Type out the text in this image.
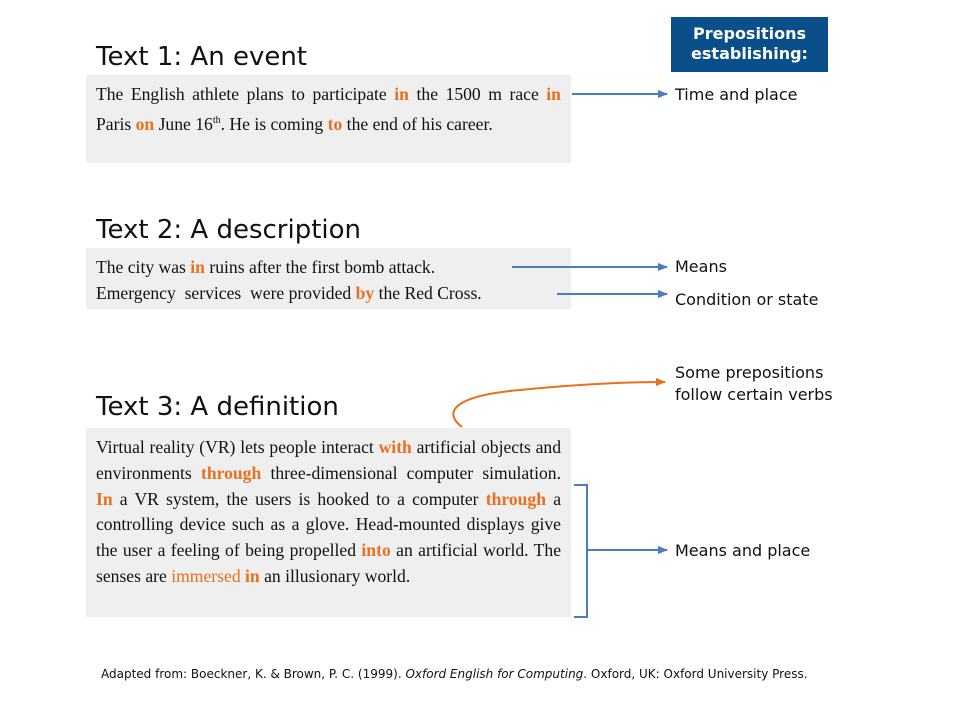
Prepositions
establishing:
Text 1: An event
The English athlete plans to participate in the 1500 m race in Paris on June 16th. He is coming to the end of his career.
Text 2: A description
The city was in ruins after the first bomb attack.
Emergency  services  were provided by the Red Cross.
Text 3: A definition
Virtual reality (VR) lets people interact with artificial objects and environments through three-dimensional computer simulation. In a VR system, the users is hooked to a computer through a controlling device such as a glove. Head-mounted displays give the user a feeling of being propelled into an artificial world. The senses are immersed in an illusionary world.
Time and place
Means
Condition or state
Some prepositions
follow certain verbs
Means and place
Adapted from: Boeckner, K. & Brown, P. C. (1999). Oxford English for Computing. Oxford, UK: Oxford University Press.
